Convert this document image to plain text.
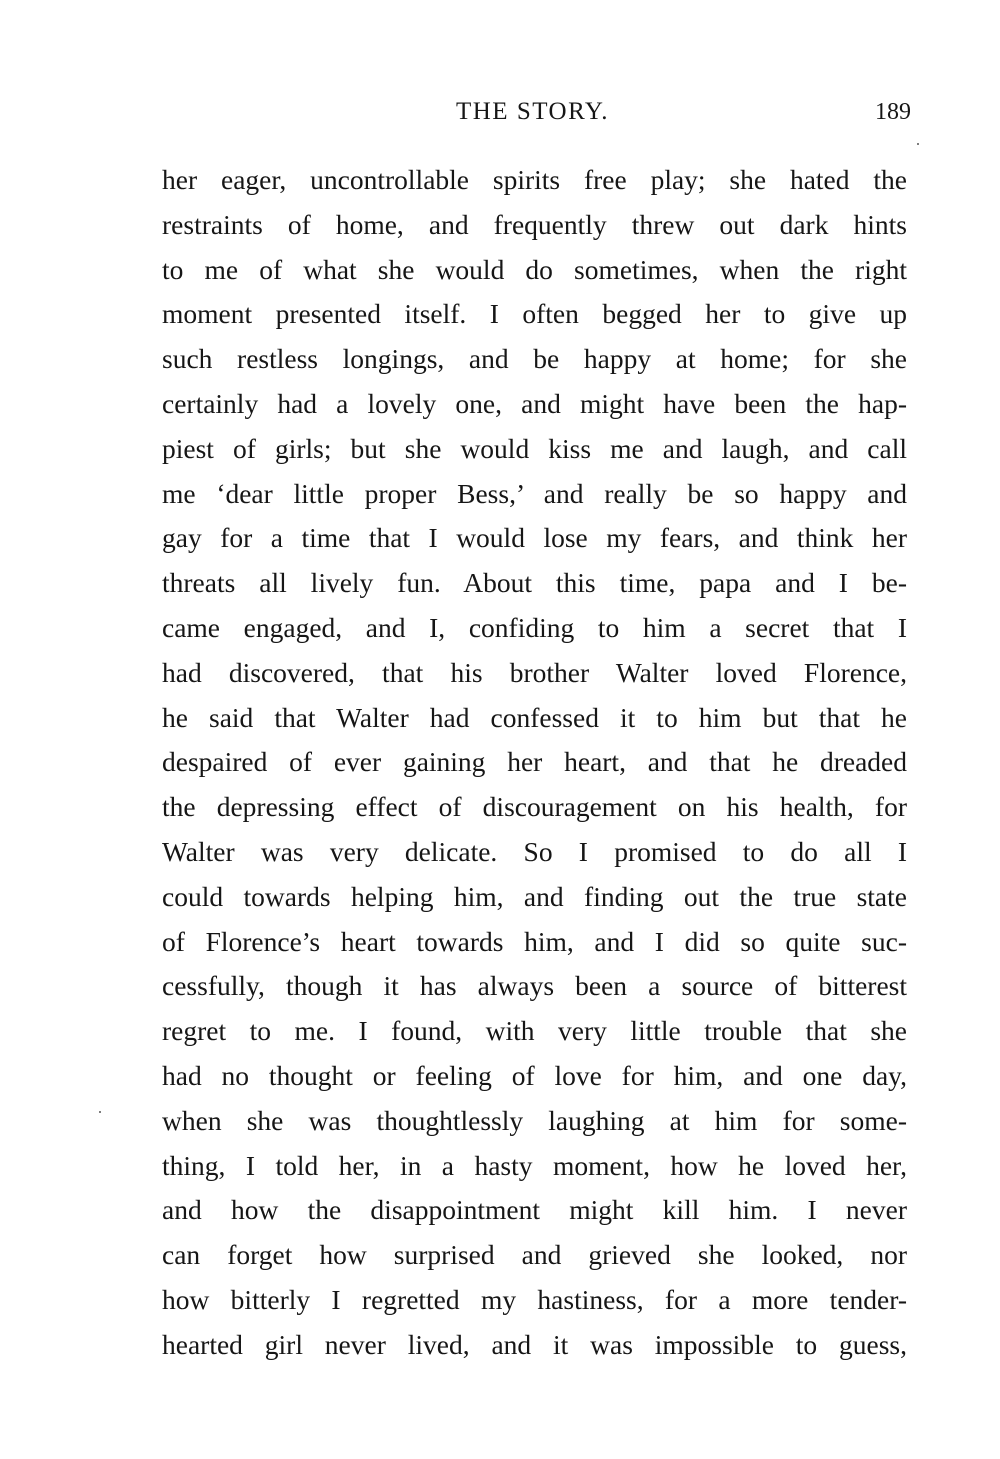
THE STORY.	189
her eager, uncontrollable spirits free play; she hated the
restraints of home, and frequently threw out dark hints
to me of what she would do sometimes, when the right
moment presented itself. I often begged her to give up
such restless longings, and be happy at home; for she
certainly had a lovely one, and might have been the hap-
piest of girls; but she would kiss me and laugh, and call
me ‘dear little proper Bess,’ and really be so happy and
gay for a time that I would lose my fears, and think her
threats all lively fun. About this time, papa and I be-
came engaged, and I, confiding to him a secret that I
had discovered, that his brother Walter loved Florence,
he said that Walter had confessed it to him but that he
despaired of ever gaining her heart, and that he dreaded
the depressing effect of discouragement on his health, for
Walter was very delicate. So I promised to do all I
could towards helping him, and finding out the true state
of Florence’s heart towards him, and I did so quite suc-
cessfully, though it has always been a source of bitterest
regret to me. I found, with very little trouble that she
had no thought or feeling of love for him, and one day,
when she was thoughtlessly laughing at him for some-
thing, I told her, in a hasty moment, how he loved her,
and how the disappointment might kill him. I never
can forget how surprised and grieved she looked, nor
how bitterly I regretted my hastiness, for a more tender-
hearted girl never lived, and it was impossible to guess,
